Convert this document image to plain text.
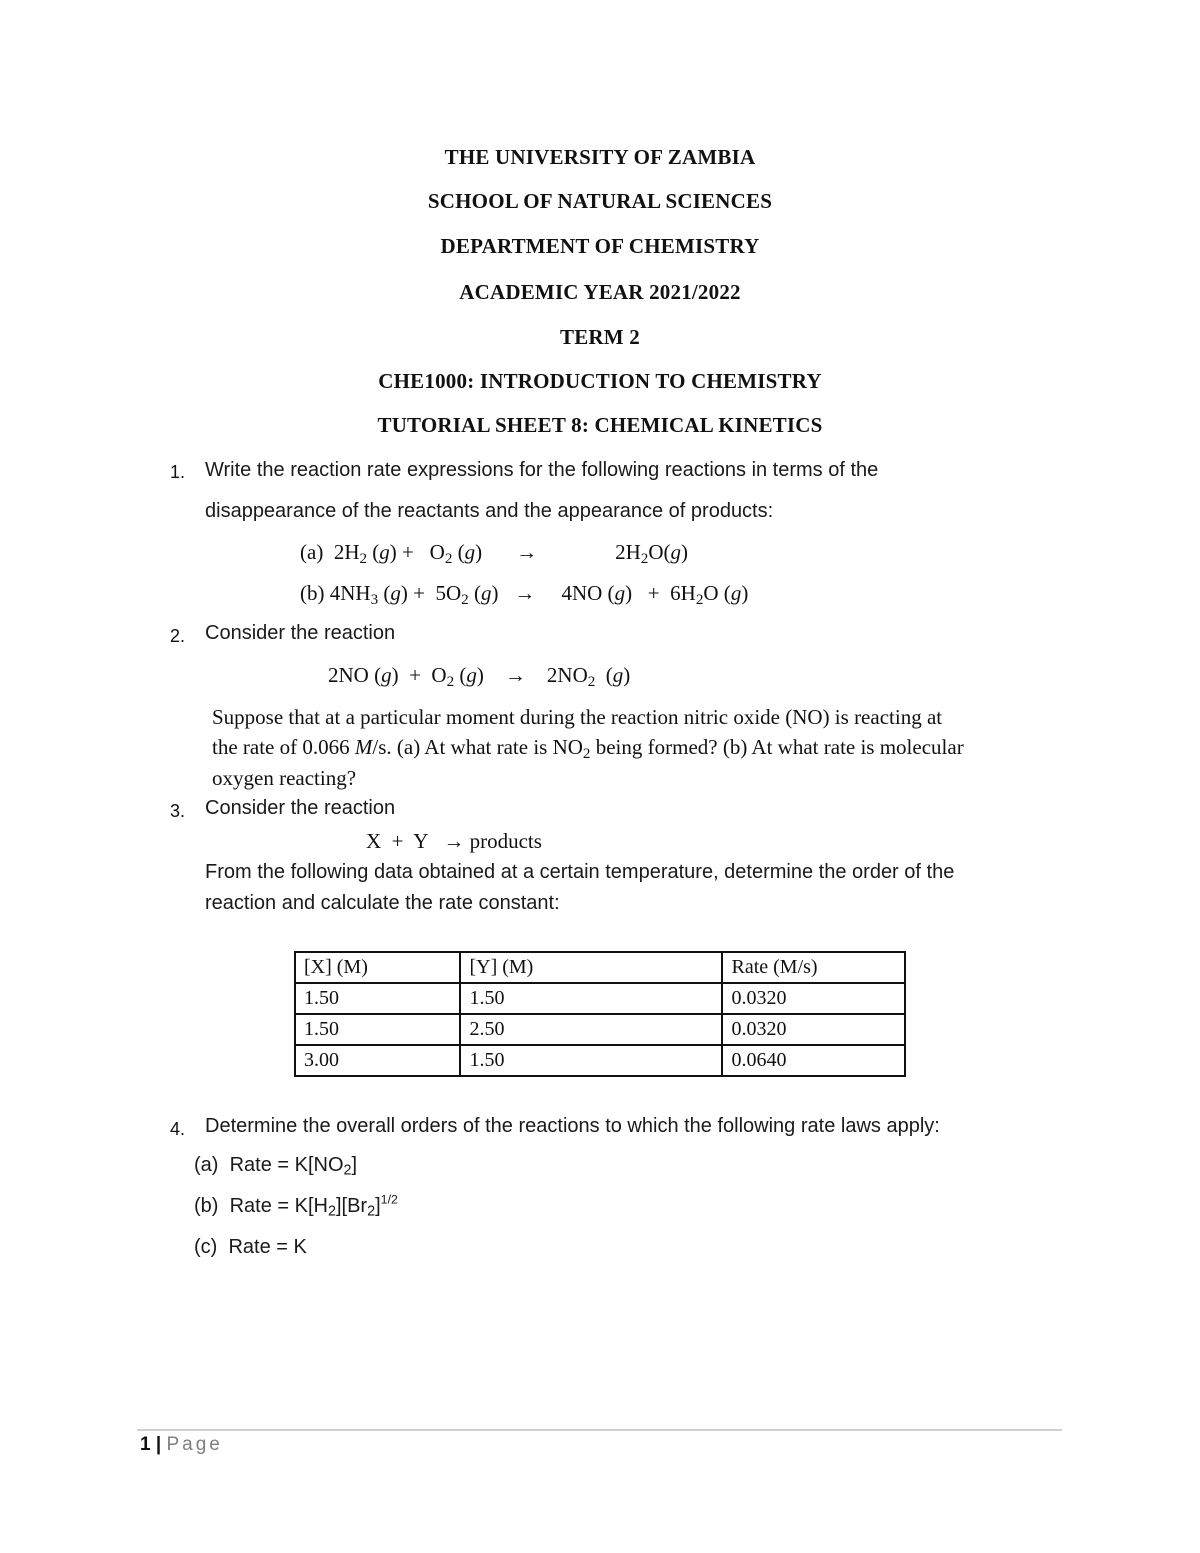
THE UNIVERSITY OF ZAMBIA
SCHOOL OF NATURAL SCIENCES
DEPARTMENT OF CHEMISTRY
ACADEMIC YEAR 2021/2022
TERM 2
CHE1000: INTRODUCTION TO CHEMISTRY
TUTORIAL SHEET 8: CHEMICAL KINETICS
1. Write the reaction rate expressions for the following reactions in terms of the
disappearance of the reactants and the appearance of products:
(a)  $2H_2$ $(g) + O_2$ (g) →	$2H_2O(g)$
(b) $4NH_3$ $(g) + 5O_2$ (g)   →     4NO $(g) + 6H_2O$ (g)
2. Consider the reaction
2NO $(g) + O_2$ (g)    →    $2NO_2$  (g)
Suppose that at a particular moment during the reaction nitric oxide (NO) is reacting at
the rate of 0.066 M/s. (a) At what rate is $NO_2$ being formed? (b) At what rate is molecular
oxygen reacting?
3. Consider the reaction
X  +  Y   → products
From the following data obtained at a certain temperature, determine the order of the
reaction and calculate the rate constant:
[X] (M)	[Y] (M)	Rate (M/s)
1.50	1.50	0.0320
1.50	2.50	0.0320
3.00	1.50	0.0640
4. Determine the overall orders of the reactions to which the following rate laws apply:
(a)  Rate = $K[NO_2]$
(b)  Rate = $K[H_2][Br_2]^{1/2}$
(c) Rate = K
1 | Page
